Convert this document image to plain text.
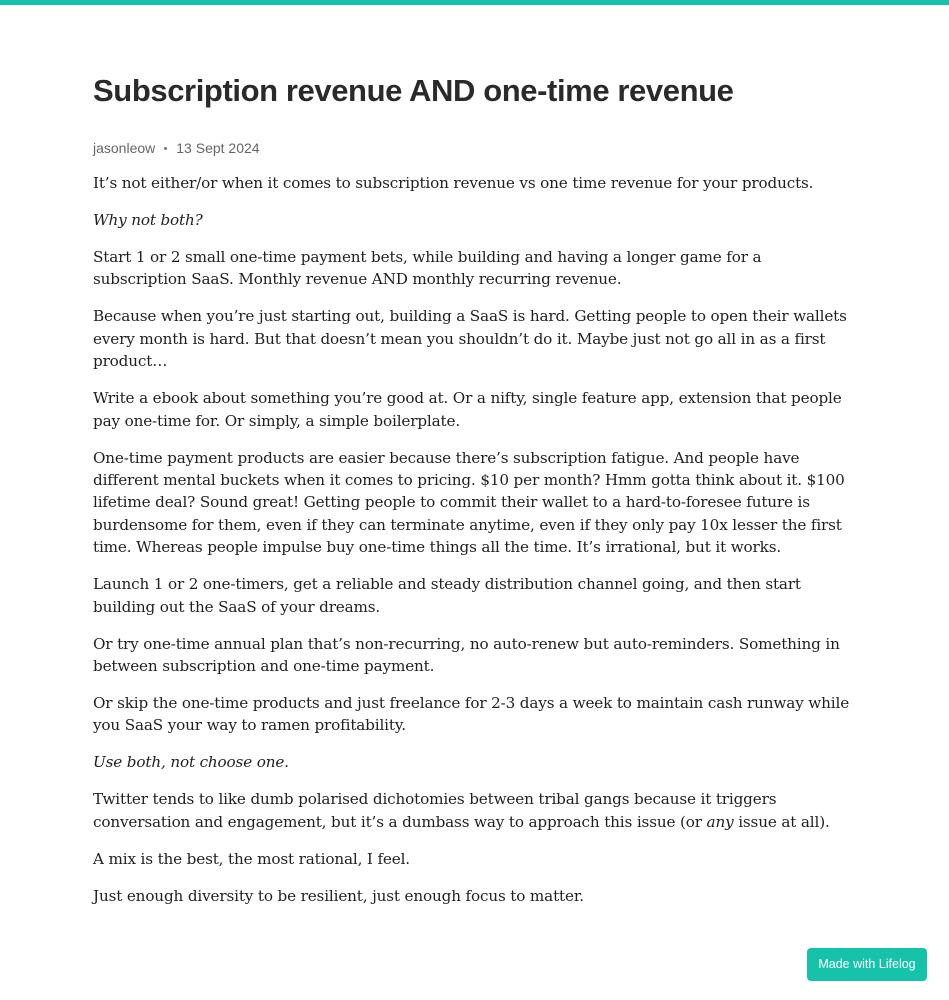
Subscription revenue AND one-time revenue
jasonleow 13 Sept 2024

It’s not either/or when it comes to subscription revenue vs one time revenue for your products.

Why not both?

Start 1 or 2 small one-time payment bets, while building and having a longer game for a subscription SaaS. Monthly revenue AND monthly recurring revenue.

Because when you’re just starting out, building a SaaS is hard. Getting people to open their wallets every month is hard. But that doesn’t mean you shouldn’t do it. Maybe just not go all in as a first product…

Write a ebook about something you’re good at. Or a nifty, single feature app, extension that people pay one-time for. Or simply, a simple boilerplate.

One-time payment products are easier because there’s subscription fatigue. And people have different mental buckets when it comes to pricing. $10 per month? Hmm gotta think about it. $100 lifetime deal? Sound great! Getting people to commit their wallet to a hard-to-foresee future is burdensome for them, even if they can terminate anytime, even if they only pay 10x lesser the first time. Whereas people impulse buy one-time things all the time. It’s irrational, but it works.

Launch 1 or 2 one-timers, get a reliable and steady distribution channel going, and then start building out the SaaS of your dreams.

Or try one-time annual plan that’s non-recurring, no auto-renew but auto-reminders. Something in between subscription and one-time payment.

Or skip the one-time products and just freelance for 2-3 days a week to maintain cash runway while you SaaS your way to ramen profitability.

Use both, not choose one.

Twitter tends to like dumb polarised dichotomies between tribal gangs because it triggers conversation and engagement, but it’s a dumbass way to approach this issue (or any issue at all).

A mix is the best, the most rational, I feel.

Just enough diversity to be resilient, just enough focus to matter.

Made with Lifelog
